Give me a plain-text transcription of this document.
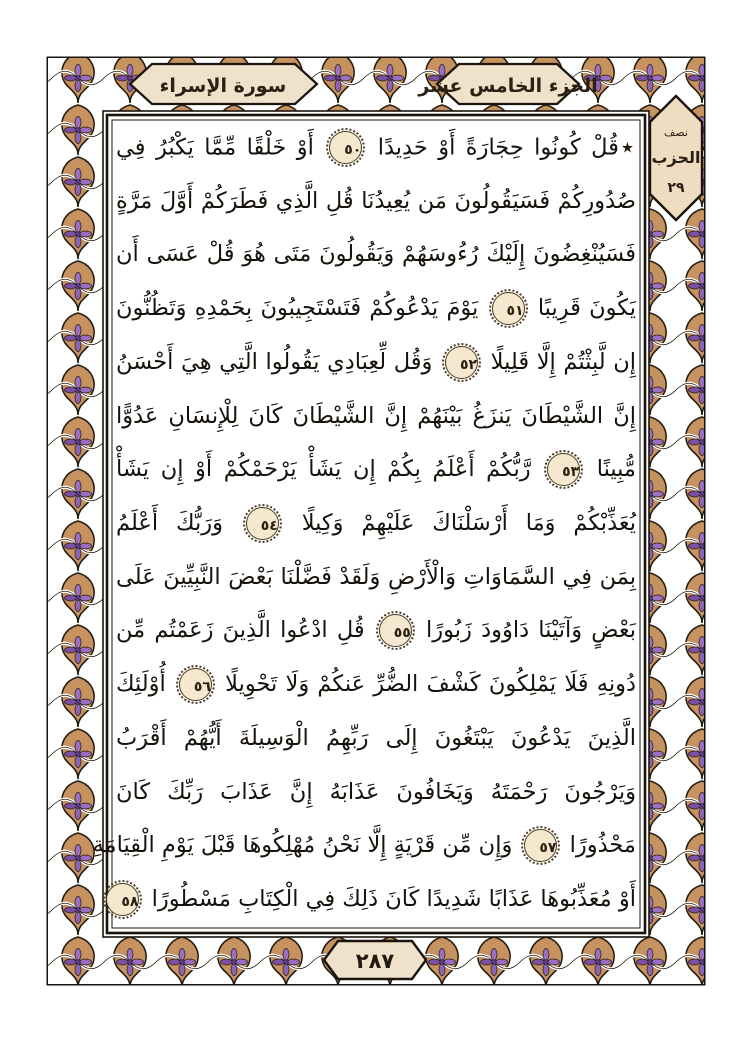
سورة الإسراء	الجزء الخامس عشر
نصف
الحزب
٢٩
٢٨٧
٭قُلْ كُونُوا حِجَارَةً أَوْ حَدِيدًا ٥٠ أَوْ خَلْقًا مِّمَّا يَكْبُرُ فِي
صُدُورِكُمْ فَسَيَقُولُونَ مَن يُعِيدُنَا قُلِ الَّذِي فَطَرَكُمْ أَوَّلَ مَرَّةٍ
فَسَيُنْغِضُونَ إِلَيْكَ رُءُوسَهُمْ وَيَقُولُونَ مَتَى هُوَ قُلْ عَسَى أَن
يَكُونَ قَرِيبًا ٥١ يَوْمَ يَدْعُوكُمْ فَتَسْتَجِيبُونَ بِحَمْدِهِ وَتَظُنُّونَ
إِن لَّبِثْتُمْ إِلَّا قَلِيلًا ٥٢ وَقُل لِّعِبَادِي يَقُولُوا الَّتِي هِيَ أَحْسَنُ
إِنَّ الشَّيْطَانَ يَنزَغُ بَيْنَهُمْ إِنَّ الشَّيْطَانَ كَانَ لِلْإِنسَانِ عَدُوًّا
مُّبِينًا ٥٣ رَّبُّكُمْ أَعْلَمُ بِكُمْ إِن يَشَأْ يَرْحَمْكُمْ أَوْ إِن يَشَأْ
يُعَذِّبْكُمْ وَمَا أَرْسَلْنَاكَ عَلَيْهِمْ وَكِيلًا ٥٤ وَرَبُّكَ أَعْلَمُ
بِمَن فِي السَّمَاوَاتِ وَالْأَرْضِ وَلَقَدْ فَضَّلْنَا بَعْضَ النَّبِيِّينَ عَلَى
بَعْضٍ وَآتَيْنَا دَاوُودَ زَبُورًا ٥٥ قُلِ ادْعُوا الَّذِينَ زَعَمْتُم مِّن
دُونِهِ فَلَا يَمْلِكُونَ كَشْفَ الضُّرِّ عَنكُمْ وَلَا تَحْوِيلًا ٥٦ أُوْلَئِكَ
الَّذِينَ يَدْعُونَ يَبْتَغُونَ إِلَى رَبِّهِمُ الْوَسِيلَةَ أَيُّهُمْ أَقْرَبُ
وَيَرْجُونَ رَحْمَتَهُ وَيَخَافُونَ عَذَابَهُ إِنَّ عَذَابَ رَبِّكَ كَانَ
مَحْذُورًا ٥٧ وَإِن مِّن قَرْيَةٍ إِلَّا نَحْنُ مُهْلِكُوهَا قَبْلَ يَوْمِ الْقِيَامَةِ
أَوْ مُعَذِّبُوهَا عَذَابًا شَدِيدًا كَانَ ذَلِكَ فِي الْكِتَابِ مَسْطُورًا ٥٨
